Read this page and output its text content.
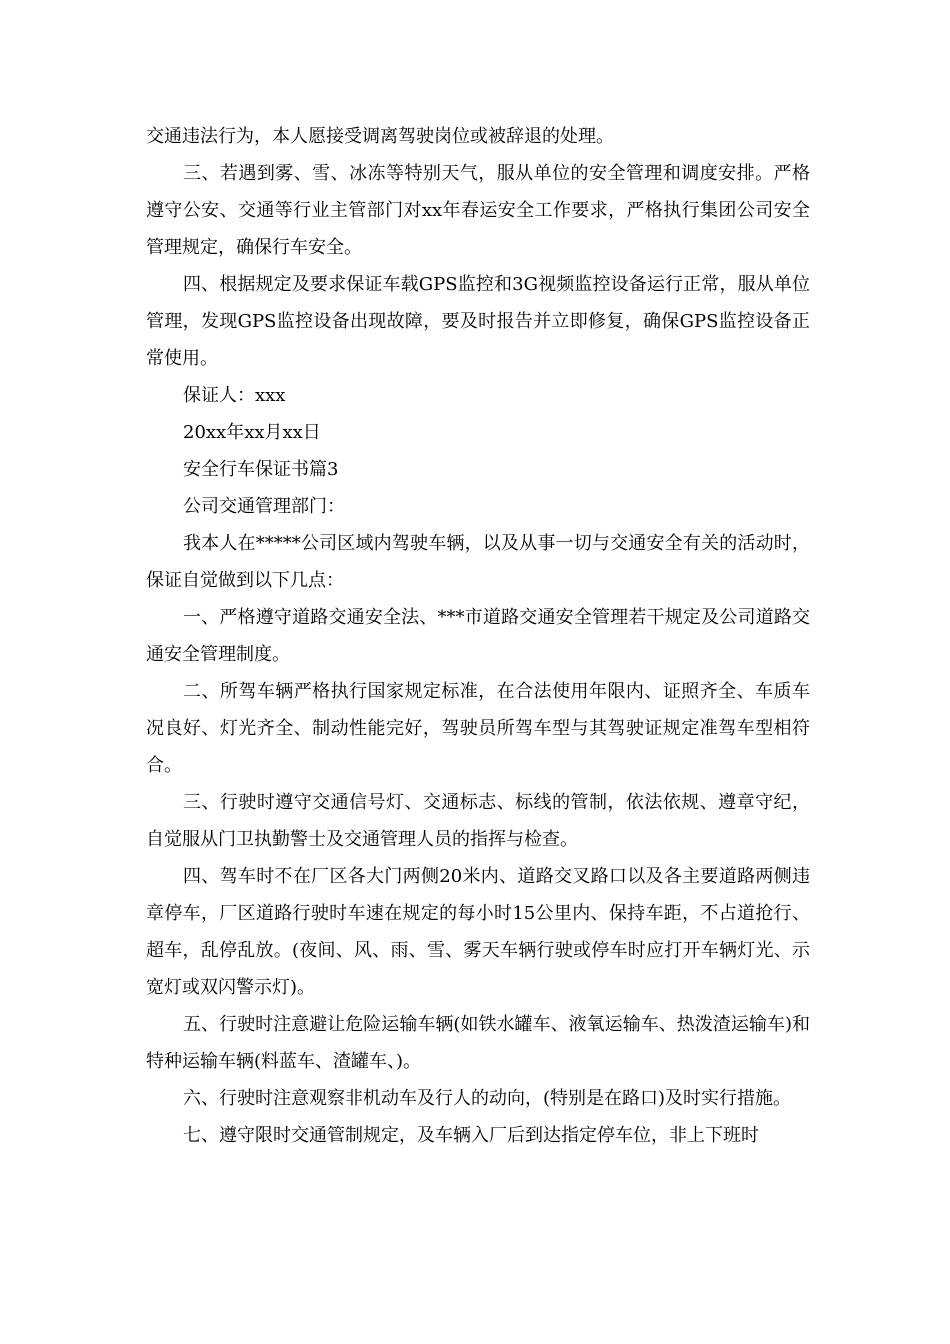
交通违法行为，本人愿接受调离驾驶岗位或被辞退的处理。

三、若遇到雾、雪、冰冻等特别天气，服从单位的安全管理和调度安排。严格遵守公安、交通等行业主管部门对xx年春运安全工作要求，严格执行集团公司安全管理规定，确保行车安全。

四、根据规定及要求保证车载GPS监控和3G视频监控设备运行正常，服从单位管理，发现GPS监控设备出现故障，要及时报告并立即修复，确保GPS监控设备正常使用。

保证人：xxx

20xx年xx月xx日

安全行车保证书篇3

公司交通管理部门：

我本人在*****公司区域内驾驶车辆，以及从事一切与交通安全有关的活动时，保证自觉做到以下几点：

一、严格遵守道路交通安全法、***市道路交通安全管理若干规定及公司道路交通安全管理制度。

二、所驾车辆严格执行国家规定标准，在合法使用年限内、证照齐全、车质车况良好、灯光齐全、制动性能完好，驾驶员所驾车型与其驾驶证规定准驾车型相符合。

三、行驶时遵守交通信号灯、交通标志、标线的管制，依法依规、遵章守纪，自觉服从门卫执勤警士及交通管理人员的指挥与检查。

四、驾车时不在厂区各大门两侧20米内、道路交叉路口以及各主要道路两侧违章停车，厂区道路行驶时车速在规定的每小时15公里内、保持车距，不占道抢行、超车，乱停乱放。(夜间、风、雨、雪、雾天车辆行驶或停车时应打开车辆灯光、示宽灯或双闪警示灯)。

五、行驶时注意避让危险运输车辆(如铁水罐车、液氧运输车、热泼渣运输车)和特种运输车辆(料蓝车、渣罐车、)。

六、行驶时注意观察非机动车及行人的动向，(特别是在路口)及时实行措施。

七、遵守限时交通管制规定，及车辆入厂后到达指定停车位，非上下班时
